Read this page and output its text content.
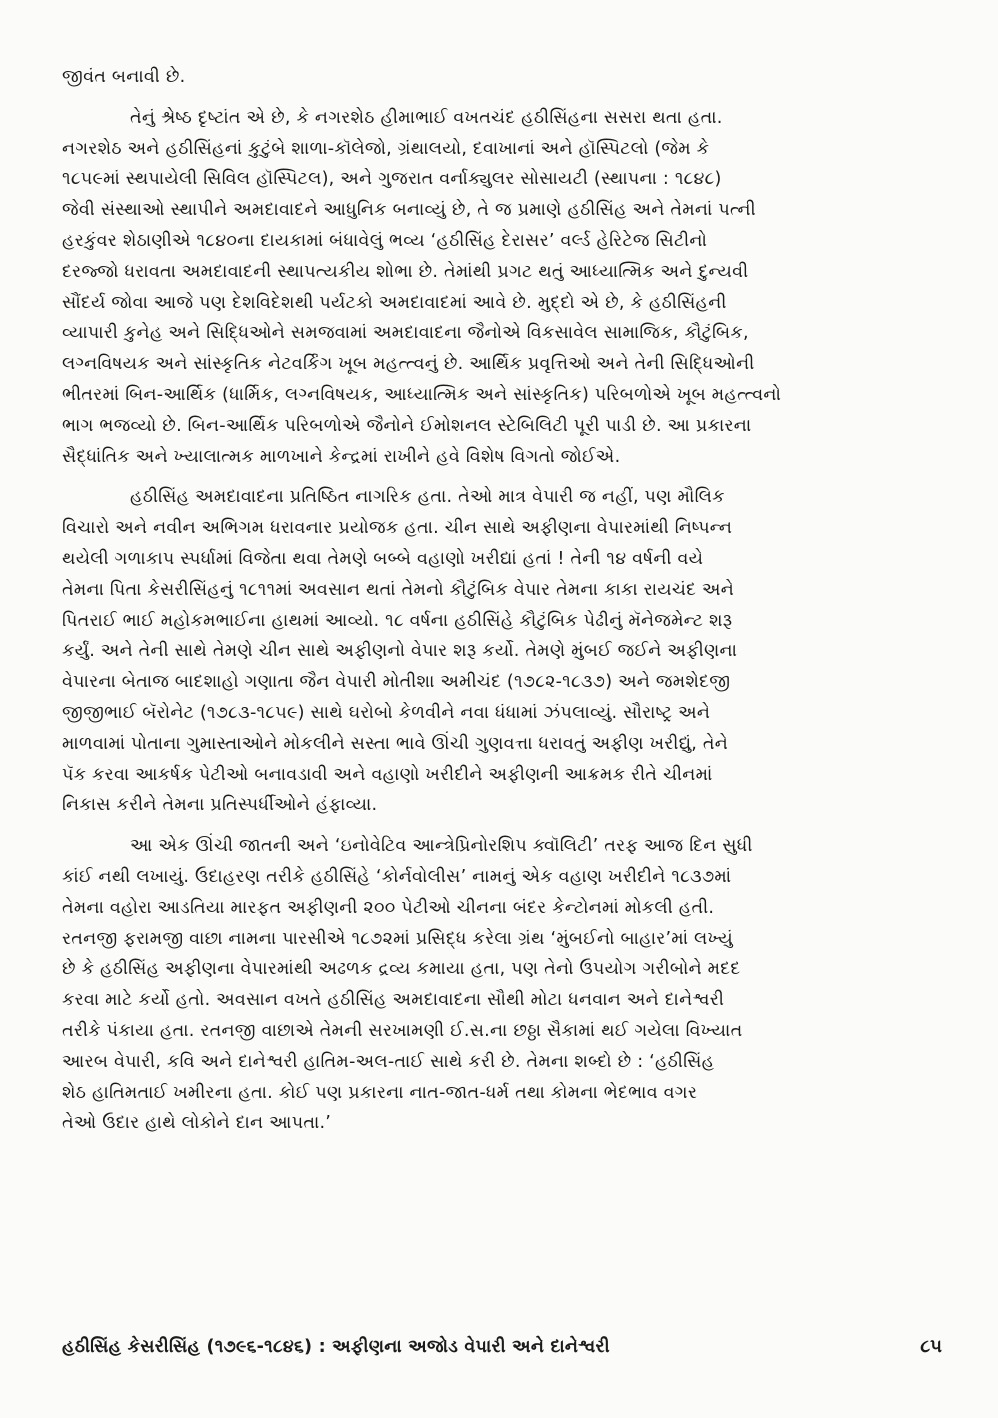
જીવંત બનાવી છે.

તેનું શ્રેષ્ઠ દૃષ્ટાંત એ છે, કે નગરશેઠ હીમાભાઈ વખતચંદ હઠીસિંહના સસરા થતા હતા.
નગરશેઠ અને હઠીસિંહનાં કુટુંબે શાળા-કૉલેજો, ગ્રંથાલયો, દવાખાનાં અને હૉસ્પિટલો (જેમ કે
૧૮૫૯માં સ્થપાયેલી સિવિલ હૉસ્પિટલ), અને ગુજરાત વર્નાક્યુલર સોસાયટી (સ્થાપના : ૧૮૪૮)
જેવી સંસ્થાઓ સ્થાપીને અમદાવાદને આધુનિક બનાવ્યું છે, તે જ પ્રમાણે હઠીસિંહ અને તેમનાં પત્ની
હરકુંવર શેઠાણીએ ૧૮૪૦ના દાયકામાં બંધાવેલું ભવ્ય ‘હઠીસિંહ દેરાસર’ વર્લ્ડ હેરિટેજ સિટીનો
દરજ્જો ધરાવતા અમદાવાદની સ્થાપત્યકીય શોભા છે. તેમાંથી પ્રગટ થતું આધ્યાત્મિક અને દુન્યવી
સૌંદર્ય જોવા આજે પણ દેશવિદેશથી પર્યટકો અમદાવાદમાં આવે છે. મુદ્દો એ છે, કે હઠીસિંહની
વ્યાપારી કુનેહ અને સિદ્ધિઓને સમજવામાં અમદાવાદના જૈનોએ વિકસાવેલ સામાજિક, કૌટુંબિક,
લગ્નવિષયક અને સાંસ્કૃતિક નેટવર્કિંગ ખૂબ મહત્ત્વનું છે. આર્થિક પ્રવૃત્તિઓ અને તેની સિદ્ધિઓની
ભીતરમાં બિન-આર્થિક (ધાર્મિક, લગ્નવિષયક, આધ્યાત્મિક અને સાંસ્કૃતિક) પરિબળોએ ખૂબ મહત્ત્વનો
ભાગ ભજવ્યો છે. બિન-આર્થિક પરિબળોએ જૈનોને ઈમોશનલ સ્ટેબિલિટી પૂરી પાડી છે. આ પ્રકારના
સૈદ્ધાંતિક અને ખ્યાલાત્મક માળખાને કેન્દ્રમાં રાખીને હવે વિશેષ વિગતો જોઈએ.

હઠીસિંહ અમદાવાદના પ્રતિષ્ઠિત નાગરિક હતા. તેઓ માત્ર વેપારી જ નહીં, પણ મૌલિક
વિચારો અને નવીન અભિગમ ધરાવનાર પ્રયોજક હતા. ચીન સાથે અફીણના વેપારમાંથી નિષ્પન્ન
થયેલી ગળાકાપ સ્પર્ધામાં વિજેતા થવા તેમણે બબ્બે વહાણો ખરીદ્યાં હતાં ! તેની ૧૪ વર્ષની વયે
તેમના પિતા કેસરીસિંહનું ૧૮૧૧માં અવસાન થતાં તેમનો કૌટુંબિક વેપાર તેમના કાકા રાયચંદ અને
પિતરાઈ ભાઈ મહોકમભાઈના હાથમાં આવ્યો. ૧૮ વર્ષના હઠીસિંહે કૌટુંબિક પેઢીનું મૅનેજમેન્ટ શરૂ
કર્યું. અને તેની સાથે તેમણે ચીન સાથે અફીણનો વેપાર શરૂ કર્યો. તેમણે મુંબઈ જઈને અફીણના
વેપારના બેતાજ બાદશાહો ગણાતા જૈન વેપારી મોતીશા અમીચંદ (૧૭૮૨-૧૮૩૭) અને જમશેદજી
જીજીભાઈ બૅરોનેટ (૧૭૮૩-૧૮૫૯) સાથે ઘરોબો કેળવીને નવા ધંધામાં ઝંપલાવ્યું. સૌરાષ્ટ્ર અને
માળવામાં પોતાના ગુમાસ્તાઓને મોકલીને સસ્તા ભાવે ઊંચી ગુણવત્તા ધરાવતું અફીણ ખરીદ્યું, તેને
પૅક કરવા આકર્ષક પેટીઓ બનાવડાવી અને વહાણો ખરીદીને અફીણની આક્રમક રીતે ચીનમાં
નિકાસ કરીને તેમના પ્રતિસ્પર્ધીઓને હંફાવ્યા.

આ એક ઊંચી જાતની અને ‘ઇનોવેટિવ આન્ત્રેપ્રિનોરશિપ ક્વૉલિટી’ તરફ આજ દિન સુધી
કાંઈ નથી લખાયું. ઉદાહરણ તરીકે હઠીસિંહે ‘કોર્નવોલીસ’ નામનું એક વહાણ ખરીદીને ૧૮૩૭માં
તેમના વહોરા આડતિયા મારફત અફીણની ૨૦૦ પેટીઓ ચીનના બંદર કેન્ટોનમાં મોકલી હતી.
રતનજી ફરામજી વાછા નામના પારસીએ ૧૮૭૨માં પ્રસિદ્ધ કરેલા ગ્રંથ ‘મુંબઈનો બાહાર’માં લખ્યું
છે કે હઠીસિંહ અફીણના વેપારમાંથી અઢળક દ્રવ્ય કમાયા હતા, પણ તેનો ઉપયોગ ગરીબોને મદદ
કરવા માટે કર્યો હતો. અવસાન વખતે હઠીસિંહ અમદાવાદના સૌથી મોટા ધનવાન અને દાનેશ્વરી
તરીકે પંકાયા હતા. રતનજી વાછાએ તેમની સરખામણી ઈ.સ.ના છઠ્ઠા સૈકામાં થઈ ગયેલા વિખ્યાત
આરબ વેપારી, કવિ અને દાનેશ્વરી હાતિમ-અલ-તાઈ સાથે કરી છે. તેમના શબ્દો છે : ‘હઠીસિંહ
શેઠ હાતિમતાઈ ખમીરના હતા. કોઈ પણ પ્રકારના નાત-જાત-ધર્મ તથા કોમના ભેદભાવ વગર
તેઓ ઉદાર હાથે લોકોને દાન આપતા.’

હઠીસિંહ કેસરીસિંહ (૧૭૯૬-૧૮૪૬) : અફીણના અજોડ વેપારી અને દાનેશ્વરી	૮૫
